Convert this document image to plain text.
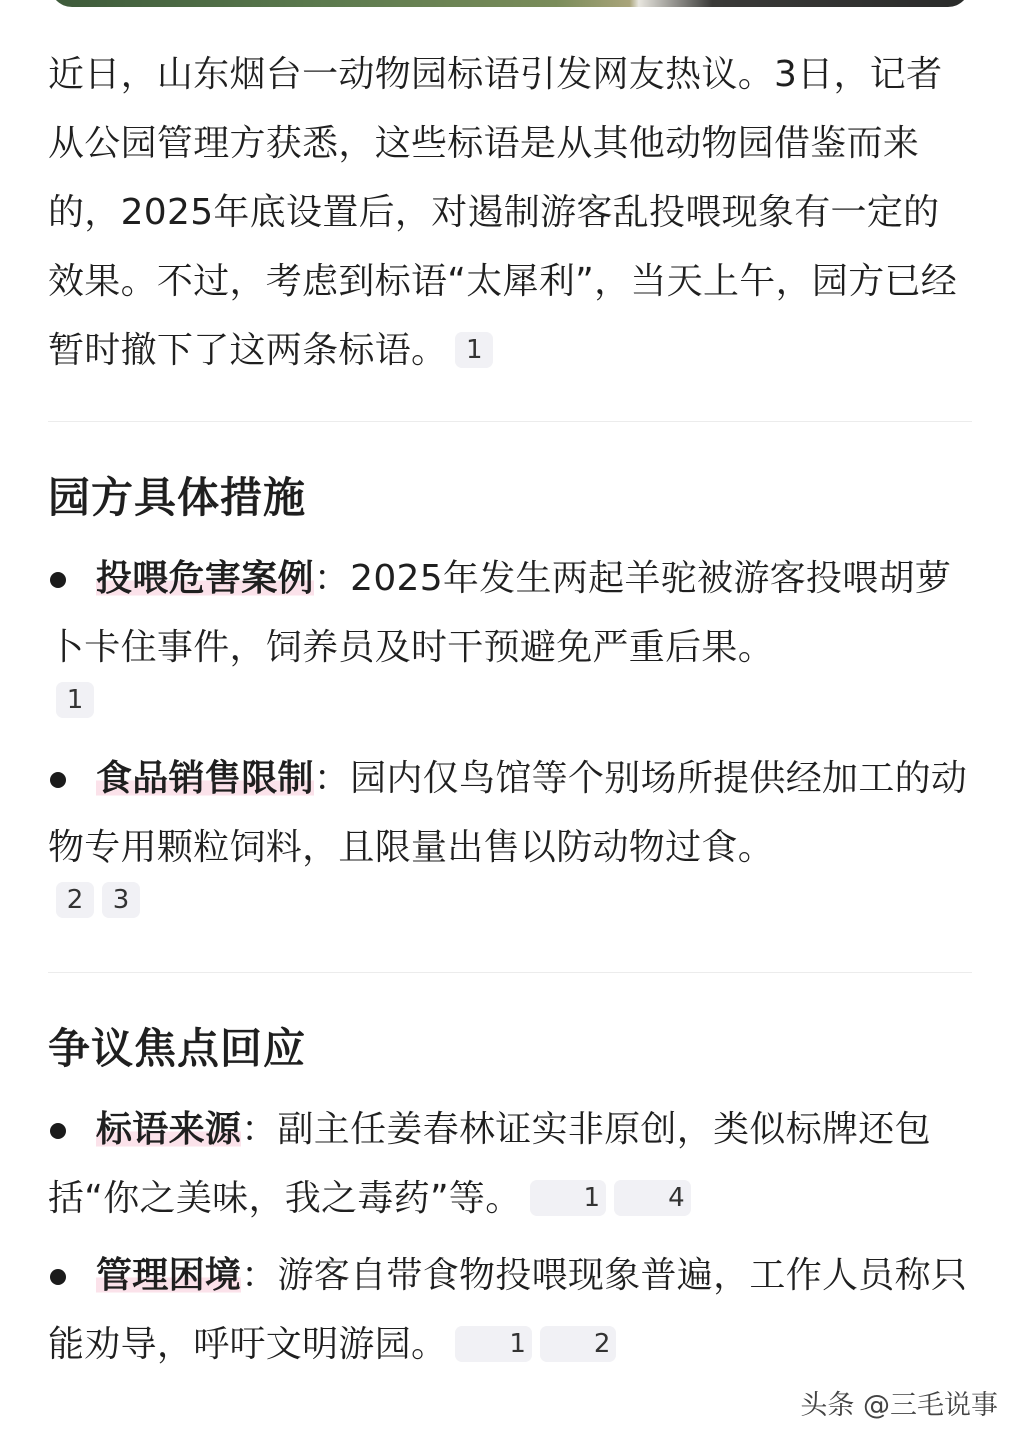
近日，山东烟台一动物园标语引发网友热议。3日，记者从公园管理方获悉，这些标语是从其他动物园借鉴而来的，2025年底设置后，对遏制游客乱投喂现象有一定的效果。不过，考虑到标语“太犀利”，当天上午，园方已经暂时撤下了这两条标语。 1

园方具体措施

投喂危害案例：2025年发生两起羊驼被游客投喂胡萝卜卡住事件，饲养员及时干预避免严重后果。

1

食品销售限制：园内仅鸟馆等个别场所提供经加工的动物专用颗粒饲料，且限量出售以防动物过食。

2 3
争议焦点回应

标语来源：副主任姜春林证实非原创，类似标牌还包括“你之美味，我之毒药”等。 1	4

管理困境：游客自带食物投喂现象普遍，工作人员称只能劝导，呼吁文明游园。 1	2

头条 @三毛说事
